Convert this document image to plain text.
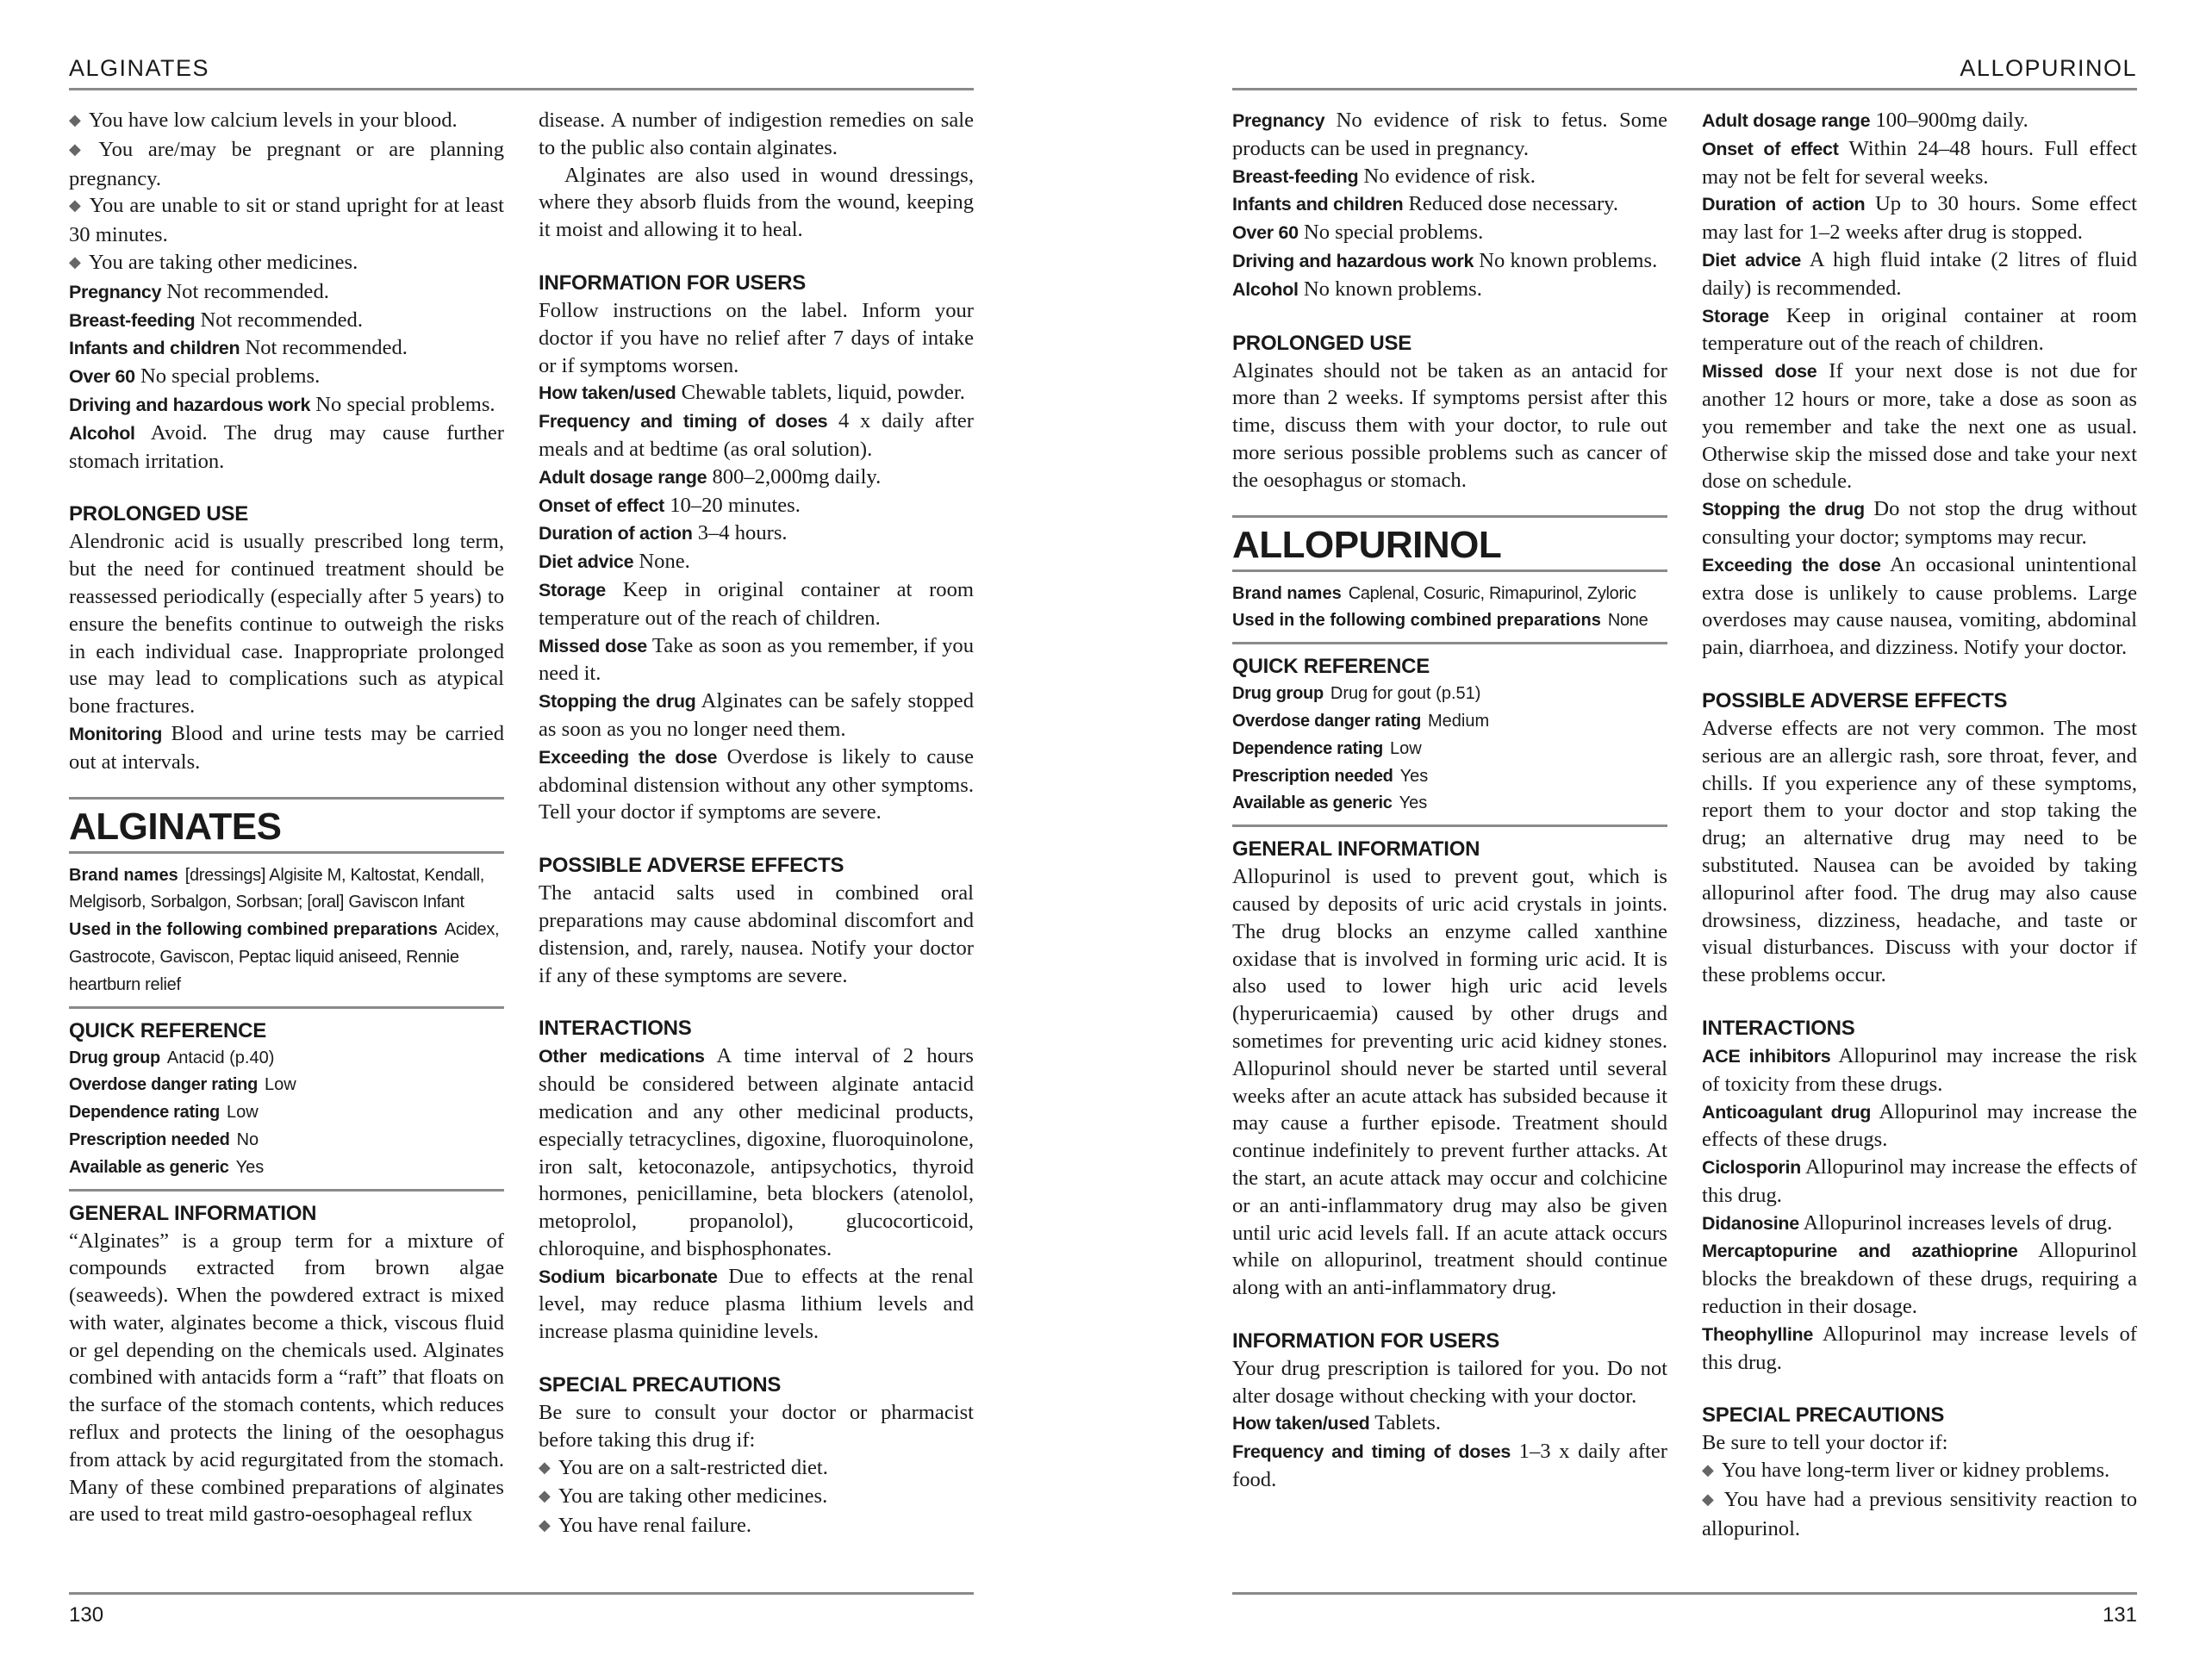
ALGINATES

◆ You have low calcium levels in your blood.

◆ You are/may be pregnant or are planning pregnancy.

◆ You are unable to sit or stand upright for at least 30 minutes.

◆ You are taking other medicines.

Pregnancy Not recommended.

Breast-feeding Not recommended.

Infants and children Not recommended.

Over 60 No special problems.

Driving and hazardous work No special problems.

Alcohol Avoid. The drug may cause further stomach irritation.

PROLONGED USE

Alendronic acid is usually prescribed long term, but the need for continued treatment should be reassessed periodically (especially after 5 years) to ensure the benefits continue to outweigh the risks in each individual case. Inappropriate prolonged use may lead to complications such as atypical bone fractures.

Monitoring Blood and urine tests may be carried out at intervals.

ALGINATES
Brand names [dressings] Algisite M, Kaltostat, Kendall, Melgisorb, Sorbalgon, Sorbsan; [oral] Gaviscon Infant
Used in the following combined preparations Acidex, Gastrocote, Gaviscon, Peptac liquid aniseed, Rennie heartburn relief
QUICK REFERENCE
Drug group Antacid (p.40)
Overdose danger rating Low
Dependence rating Low
Prescription needed No
Available as generic Yes
GENERAL INFORMATION

“Alginates” is a group term for a mixture of compounds extracted from brown algae (seaweeds). When the powdered extract is mixed with water, alginates become a thick, viscous fluid or gel depending on the chemicals used. Alginates combined with antacids form a “raft” that floats on the surface of the stomach contents, which reduces reflux and protects the lining of the oesophagus from attack by acid regurgitated from the stomach. Many of these combined preparations of alginates are used to treat mild gastro-oesophageal reflux

disease. A number of indigestion remedies on sale to the public also contain alginates.

Alginates are also used in wound dressings, where they absorb fluids from the wound, keeping it moist and allowing it to heal.

INFORMATION FOR USERS

Follow instructions on the label. Inform your doctor if you have no relief after 7 days of intake or if symptoms worsen.

How taken/used Chewable tablets, liquid, powder.

Frequency and timing of doses 4 x daily after meals and at bedtime (as oral solution).

Adult dosage range 800–2,000mg daily.

Onset of effect 10–20 minutes.

Duration of action 3–4 hours.

Diet advice None.

Storage Keep in original container at room temperature out of the reach of children.

Missed dose Take as soon as you remember, if you need it.

Stopping the drug Alginates can be safely stopped as soon as you no longer need them.

Exceeding the dose Overdose is likely to cause abdominal distension without any other symptoms. Tell your doctor if symptoms are severe.

POSSIBLE ADVERSE EFFECTS

The antacid salts used in combined oral preparations may cause abdominal discomfort and distension, and, rarely, nausea. Notify your doctor if any of these symptoms are severe.

INTERACTIONS

Other medications A time interval of 2 hours should be considered between alginate antacid medication and any other medicinal products, especially tetracyclines, digoxine, fluoroquinolone, iron salt, ketoconazole, antipsychotics, thyroid hormones, penicillamine, beta blockers (atenolol, metoprolol, propanolol), glucocorticoid, chloroquine, and bisphosphonates.

Sodium bicarbonate Due to effects at the renal level, may reduce plasma lithium levels and increase plasma quinidine levels.

SPECIAL PRECAUTIONS

Be sure to consult your doctor or pharmacist before taking this drug if:

◆ You are on a salt-restricted diet.

◆ You are taking other medicines.

◆ You have renal failure.

130
ALLOPURINOL

Pregnancy No evidence of risk to fetus. Some products can be used in pregnancy.

Breast-feeding No evidence of risk.

Infants and children Reduced dose necessary.

Over 60 No special problems.

Driving and hazardous work No known problems.

Alcohol No known problems.

PROLONGED USE

Alginates should not be taken as an antacid for more than 2 weeks. If symptoms persist after this time, discuss them with your doctor, to rule out more serious possible problems such as cancer of the oesophagus or stomach.

ALLOPURINOL
Brand names Caplenal, Cosuric, Rimapurinol, Zyloric
Used in the following combined preparations None
QUICK REFERENCE
Drug group Drug for gout (p.51)
Overdose danger rating Medium
Dependence rating Low
Prescription needed Yes
Available as generic Yes
GENERAL INFORMATION

Allopurinol is used to prevent gout, which is caused by deposits of uric acid crystals in joints. The drug blocks an enzyme called xanthine oxidase that is involved in forming uric acid. It is also used to lower high uric acid levels (hyperuricaemia) caused by other drugs and sometimes for preventing uric acid kidney stones. Allopurinol should never be started until several weeks after an acute attack has subsided because it may cause a further episode. Treatment should continue indefinitely to prevent further attacks. At the start, an acute attack may occur and colchicine or an anti-inflammatory drug may also be given until uric acid levels fall. If an acute attack occurs while on allopurinol, treatment should continue along with an anti-inflammatory drug.

INFORMATION FOR USERS

Your drug prescription is tailored for you. Do not alter dosage without checking with your doctor.

How taken/used Tablets.

Frequency and timing of doses 1–3 x daily after food.

Adult dosage range 100–900mg daily.

Onset of effect Within 24–48 hours. Full effect may not be felt for several weeks.

Duration of action Up to 30 hours. Some effect may last for 1–2 weeks after drug is stopped.

Diet advice A high fluid intake (2 litres of fluid daily) is recommended.

Storage Keep in original container at room temperature out of the reach of children.

Missed dose If your next dose is not due for another 12 hours or more, take a dose as soon as you remember and take the next one as usual. Otherwise skip the missed dose and take your next dose on schedule.

Stopping the drug Do not stop the drug without consulting your doctor; symptoms may recur.

Exceeding the dose An occasional unintentional extra dose is unlikely to cause problems. Large overdoses may cause nausea, vomiting, abdominal pain, diarrhoea, and dizziness. Notify your doctor.

POSSIBLE ADVERSE EFFECTS

Adverse effects are not very common. The most serious are an allergic rash, sore throat, fever, and chills. If you experience any of these symptoms, report them to your doctor and stop taking the drug; an alternative drug may need to be substituted. Nausea can be avoided by taking allopurinol after food. The drug may also cause drowsiness, dizziness, headache, and taste or visual disturbances. Discuss with your doctor if these problems occur.

INTERACTIONS

ACE inhibitors Allopurinol may increase the risk of toxicity from these drugs.

Anticoagulant drug Allopurinol may increase the effects of these drugs.

Ciclosporin Allopurinol may increase the effects of this drug.

Didanosine Allopurinol increases levels of drug.

Mercaptopurine and azathioprine Allopurinol blocks the breakdown of these drugs, requiring a reduction in their dosage.

Theophylline Allopurinol may increase levels of this drug.

SPECIAL PRECAUTIONS

Be sure to tell your doctor if:

◆ You have long-term liver or kidney problems.

◆ You have had a previous sensitivity reaction to allopurinol.

131
